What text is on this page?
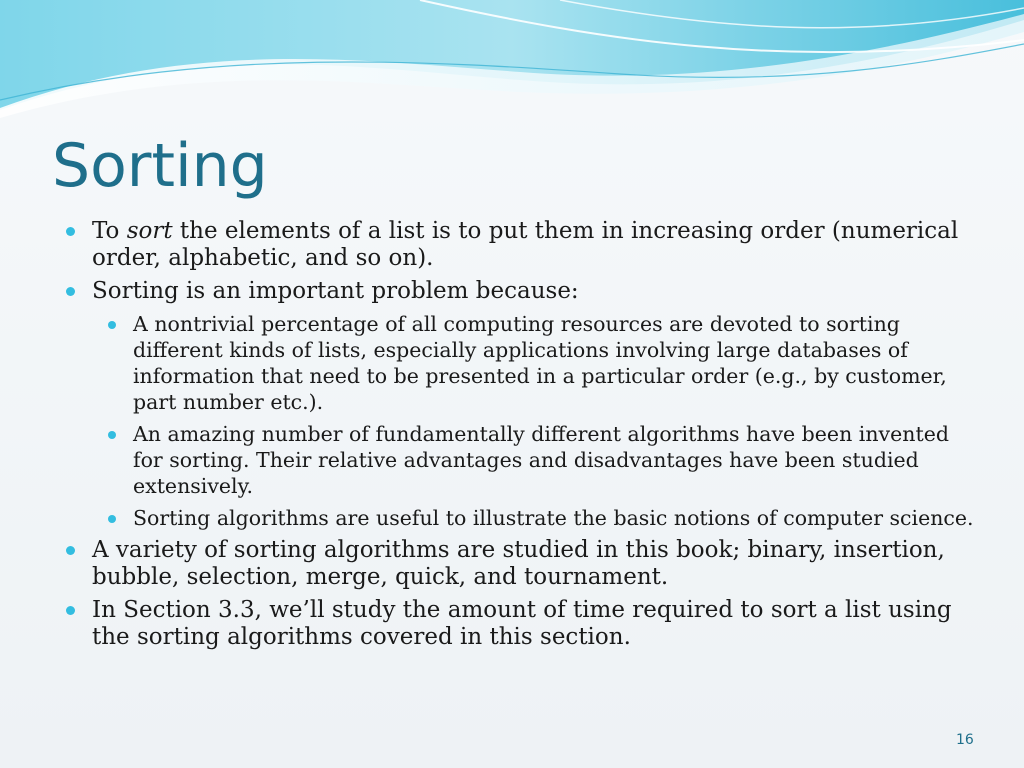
Sorting
To sort the elements of a list is to put them in increasing order (numerical order, alphabetic, and so on).
Sorting is an important problem because:
A nontrivial percentage of all computing resources are devoted to sorting different kinds of lists, especially applications involving large databases of information that need to be presented in a particular order (e.g., by customer, part number etc.).
An amazing number of fundamentally different algorithms have been invented for sorting. Their relative advantages and disadvantages have been studied extensively.
Sorting algorithms are useful to illustrate the basic notions of computer science.
A variety of sorting algorithms are studied in this book; binary, insertion, bubble, selection, merge, quick, and tournament.
In Section 3.3, we’ll study the amount of time required to sort a list using the sorting algorithms covered in this section.
16
